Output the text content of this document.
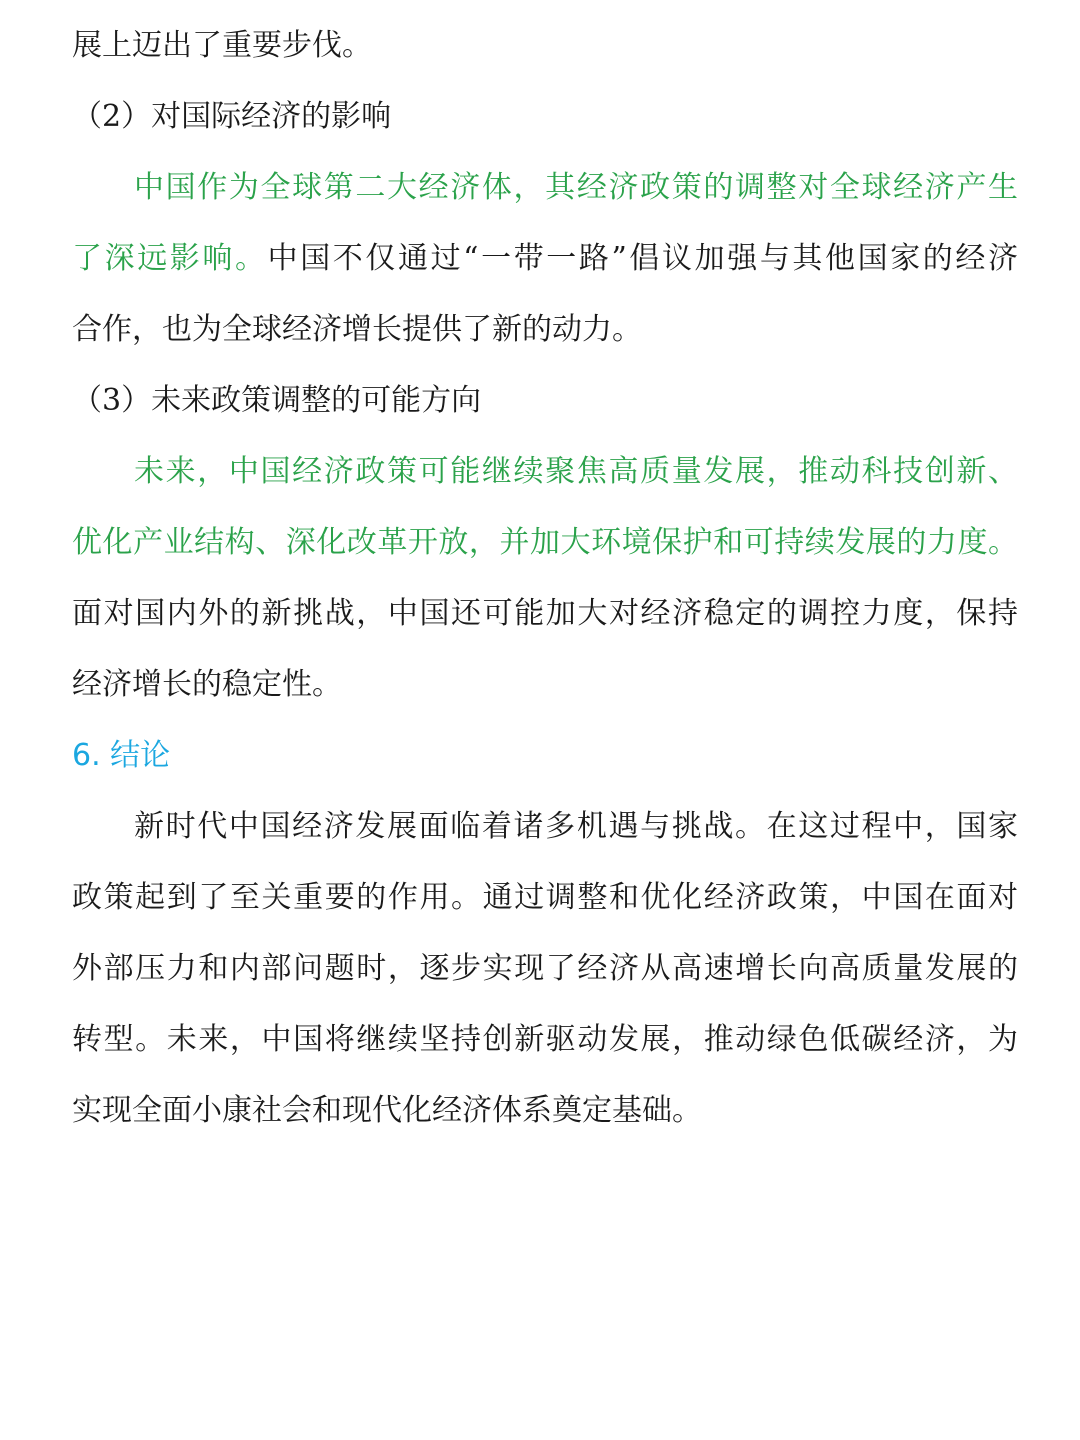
展上迈出了重要步伐。
（2）对国际经济的影响
中国作为全球第二大经济体，其经济政策的调整对全球经济产生
了深远影响。中国不仅通过“一带一路”倡议加强与其他国家的经济
合作，也为全球经济增长提供了新的动力。
（3）未来政策调整的可能方向
未来，中国经济政策可能继续聚焦高质量发展，推动科技创新、
优化产业结构、深化改革开放，并加大环境保护和可持续发展的力度。
面对国内外的新挑战，中国还可能加大对经济稳定的调控力度，保持
经济增长的稳定性。
6. 结论
新时代中国经济发展面临着诸多机遇与挑战。在这过程中，国家
政策起到了至关重要的作用。通过调整和优化经济政策，中国在面对
外部压力和内部问题时，逐步实现了经济从高速增长向高质量发展的
转型。未来，中国将继续坚持创新驱动发展，推动绿色低碳经济，为
实现全面小康社会和现代化经济体系奠定基础。
